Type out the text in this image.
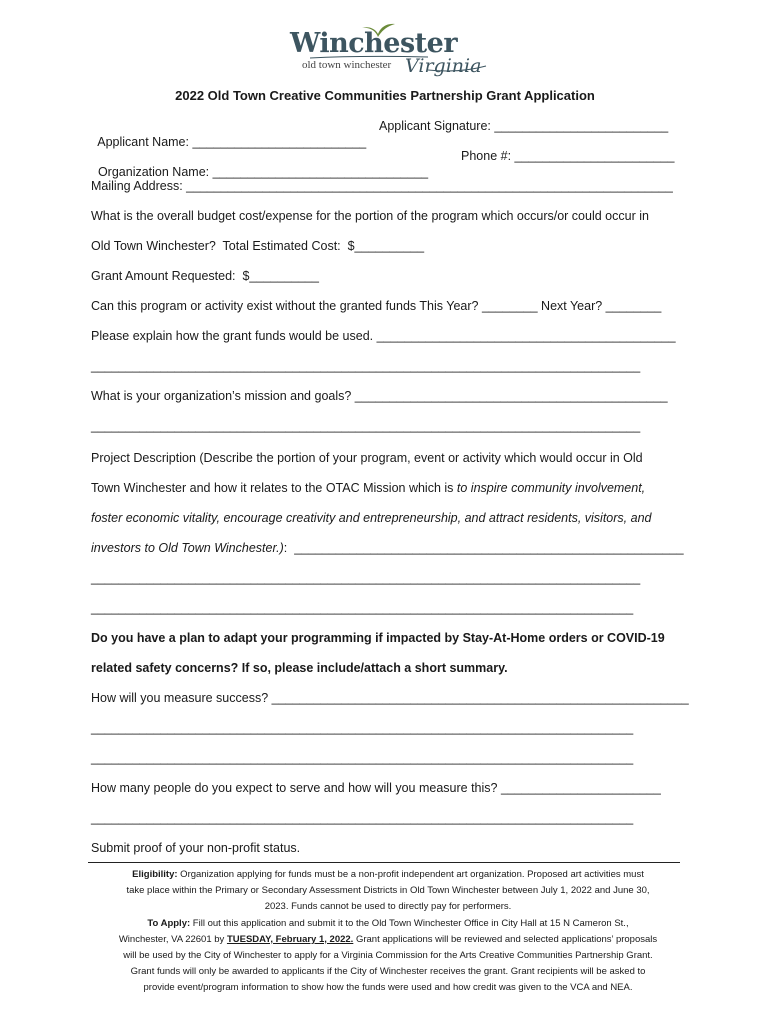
Winchester
old town winchester Virginia
2022 Old Town Creative Communities Partnership Grant Application

Applicant Name: _________________________

Applicant Signature: _________________________

Organization Name: _______________________________

Phone #: _______________________

Mailing Address: ______________________________________________________________________
What is the overall budget cost/expense for the portion of the program which occurs/or could occur in
Old Town Winchester?  Total Estimated Cost:  $__________
Grant Amount Requested:  $__________
Can this program or activity exist without the granted funds This Year? ________ Next Year? ________
Please explain how the grant funds would be used. ___________________________________________
_______________________________________________________________________________
What is your organization’s mission and goals? _____________________________________________
_______________________________________________________________________________
Project Description (Describe the portion of your program, event or activity which would occur in Old
Town Winchester and how it relates to the OTAC Mission which is to inspire community involvement,
foster economic vitality, encourage creativity and entrepreneurship, and attract residents, visitors, and
investors to Old Town Winchester.):  ________________________________________________________
_______________________________________________________________________________
______________________________________________________________________________
Do you have a plan to adapt your programming if impacted by Stay-At-Home orders or COVID-19
related safety concerns? If so, please include/attach a short summary.
How will you measure success? ____________________________________________________________
______________________________________________________________________________
______________________________________________________________________________
How many people do you expect to serve and how will you measure this? _______________________
______________________________________________________________________________
Submit proof of your non-profit status.
Eligibility: Organization applying for funds must be a non-profit independent art organization. Proposed art activities must
take place within the Primary or Secondary Assessment Districts in Old Town Winchester between July 1, 2022 and June 30,
2023. Funds cannot be used to directly pay for performers.
To Apply: Fill out this application and submit it to the Old Town Winchester Office in City Hall at 15 N Cameron St.,
Winchester, VA 22601 by TUESDAY, February 1, 2022. Grant applications will be reviewed and selected applications’ proposals
will be used by the City of Winchester to apply for a Virginia Commission for the Arts Creative Communities Partnership Grant.
Grant funds will only be awarded to applicants if the City of Winchester receives the grant. Grant recipients will be asked to
provide event/program information to show how the funds were used and how credit was given to the VCA and NEA.
